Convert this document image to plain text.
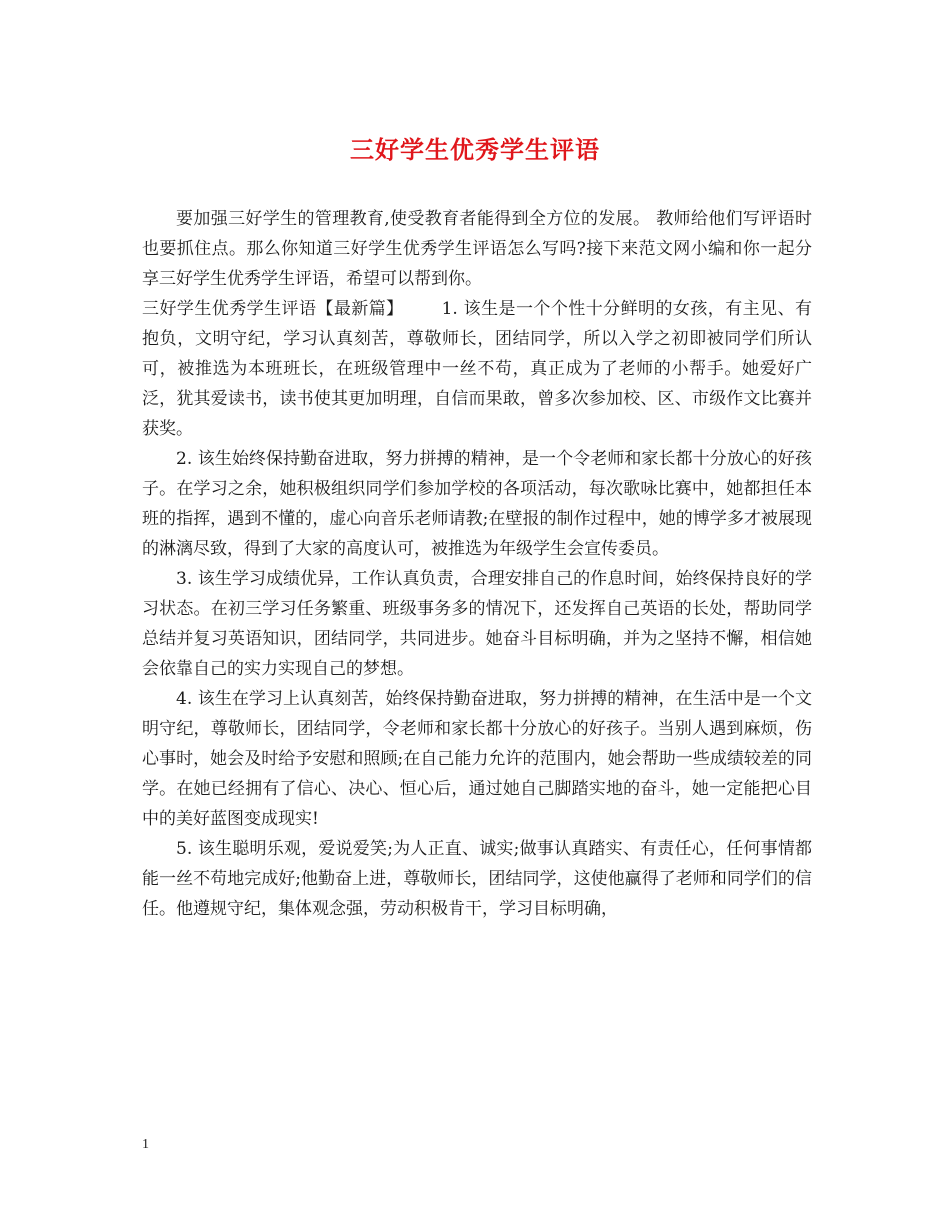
三好学生优秀学生评语

要加强三好学生的管理教育,使受教育者能得到全方位的发展。 教师给他们写评语时也要抓住点。那么你知道三好学生优秀学生评语怎么写吗?接下来范文网小编和你一起分享三好学生优秀学生评语，希望可以帮到你。

三好学生优秀学生评语【最新篇】 1. 该生是一个个性十分鲜明的女孩，有主见、有抱负，文明守纪，学习认真刻苦，尊敬师长，团结同学，所以入学之初即被同学们所认可，被推选为本班班长，在班级管理中一丝不苟，真正成为了老师的小帮手。她爱好广泛，犹其爱读书，读书使其更加明理，自信而果敢，曾多次参加校、区、市级作文比赛并获奖。

2. 该生始终保持勤奋进取，努力拼搏的精神，是一个令老师和家长都十分放心的好孩子。在学习之余，她积极组织同学们参加学校的各项活动，每次歌咏比赛中，她都担任本班的指挥，遇到不懂的，虚心向音乐老师请教;在壁报的制作过程中，她的博学多才被展现的淋漓尽致，得到了大家的高度认可，被推选为年级学生会宣传委员。

3. 该生学习成绩优异，工作认真负责，合理安排自己的作息时间，始终保持良好的学习状态。在初三学习任务繁重、班级事务多的情况下，还发挥自己英语的长处，帮助同学总结并复习英语知识，团结同学，共同进步。她奋斗目标明确，并为之坚持不懈，相信她会依靠自己的实力实现自己的梦想。

4. 该生在学习上认真刻苦，始终保持勤奋进取，努力拼搏的精神，在生活中是一个文明守纪，尊敬师长，团结同学，令老师和家长都十分放心的好孩子。当别人遇到麻烦，伤心事时，她会及时给予安慰和照顾;在自己能力允许的范围内，她会帮助一些成绩较差的同学。在她已经拥有了信心、决心、恒心后，通过她自己脚踏实地的奋斗，她一定能把心目中的美好蓝图变成现实!

5. 该生聪明乐观，爱说爱笑;为人正直、诚实;做事认真踏实、有责任心，任何事情都能一丝不苟地完成好;他勤奋上进，尊敬师长，团结同学，这使他赢得了老师和同学们的信任。他遵规守纪，集体观念强，劳动积极肯干，学习目标明确，

1
